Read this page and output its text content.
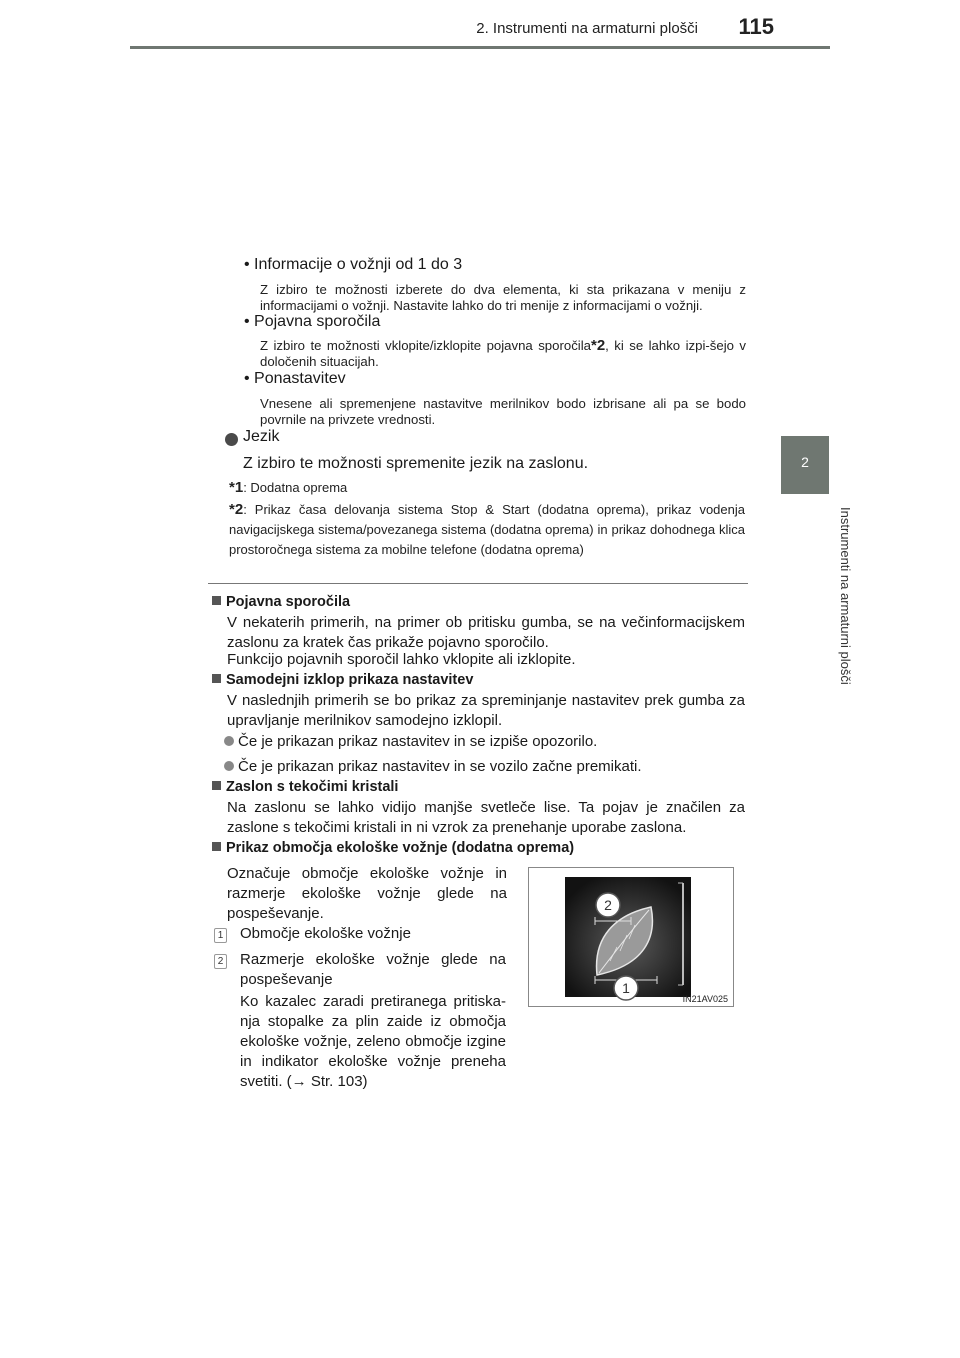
2. Instrumenti na armaturni plošči 115
2
Instrumenti na armaturni plošči
• Informacije o vožnji od 1 do 3
Z izbiro te možnosti izberete do dva elementa, ki sta prikazana v meniju z informacijami o vožnji. Nastavite lahko do tri menije z informacijami o vožnji.
• Pojavna sporočila
Z izbiro te možnosti vklopite/izklopite pojavna sporočila*2, ki se lahko izpi-šejo v določenih situacijah.
• Ponastavitev
Vnesene ali spremenjene nastavitve merilnikov bodo izbrisane ali pa se bodo povrnile na privzete vrednosti.
Jezik
Z izbiro te možnosti spremenite jezik na zaslonu.
*1: Dodatna oprema
*2: Prikaz časa delovanja sistema Stop & Start (dodatna oprema), prikaz vodenja navigacijskega sistema/povezanega sistema (dodatna oprema) in prikaz dohodnega klica prostoročnega sistema za mobilne telefone (dodatna oprema)
Pojavna sporočila
V nekaterih primerih, na primer ob pritisku gumba, se na večinformacijskem zaslonu za kratek čas prikaže pojavno sporočilo.
Funkcijo pojavnih sporočil lahko vklopite ali izklopite.
Samodejni izklop prikaza nastavitev
V naslednjih primerih se bo prikaz za spreminjanje nastavitev prek gumba za upravljanje merilnikov samodejno izklopil.
Če je prikazan prikaz nastavitev in se izpiše opozorilo.
Če je prikazan prikaz nastavitev in se vozilo začne premikati.
Zaslon s tekočimi kristali
Na zaslonu se lahko vidijo manjše svetleče lise. Ta pojav je značilen za zaslone s tekočimi kristali in ni vzrok za prenehanje uporabe zaslona.
Prikaz območja ekološke vožnje (dodatna oprema)
Označuje območje ekološke vožnje in razmerje ekološke vožnje glede na pospeševanje.
1 Območje ekološke vožnje
2 Razmerje ekološke vožnje glede na pospeševanje
Ko kazalec zaradi pretiranega pritiska-nja stopalke za plin zaide iz območja ekološke vožnje, zeleno območje izgine in indikator ekološke vožnje preneha svetiti. (→ Str. 103)
2
1
IN21AV025
